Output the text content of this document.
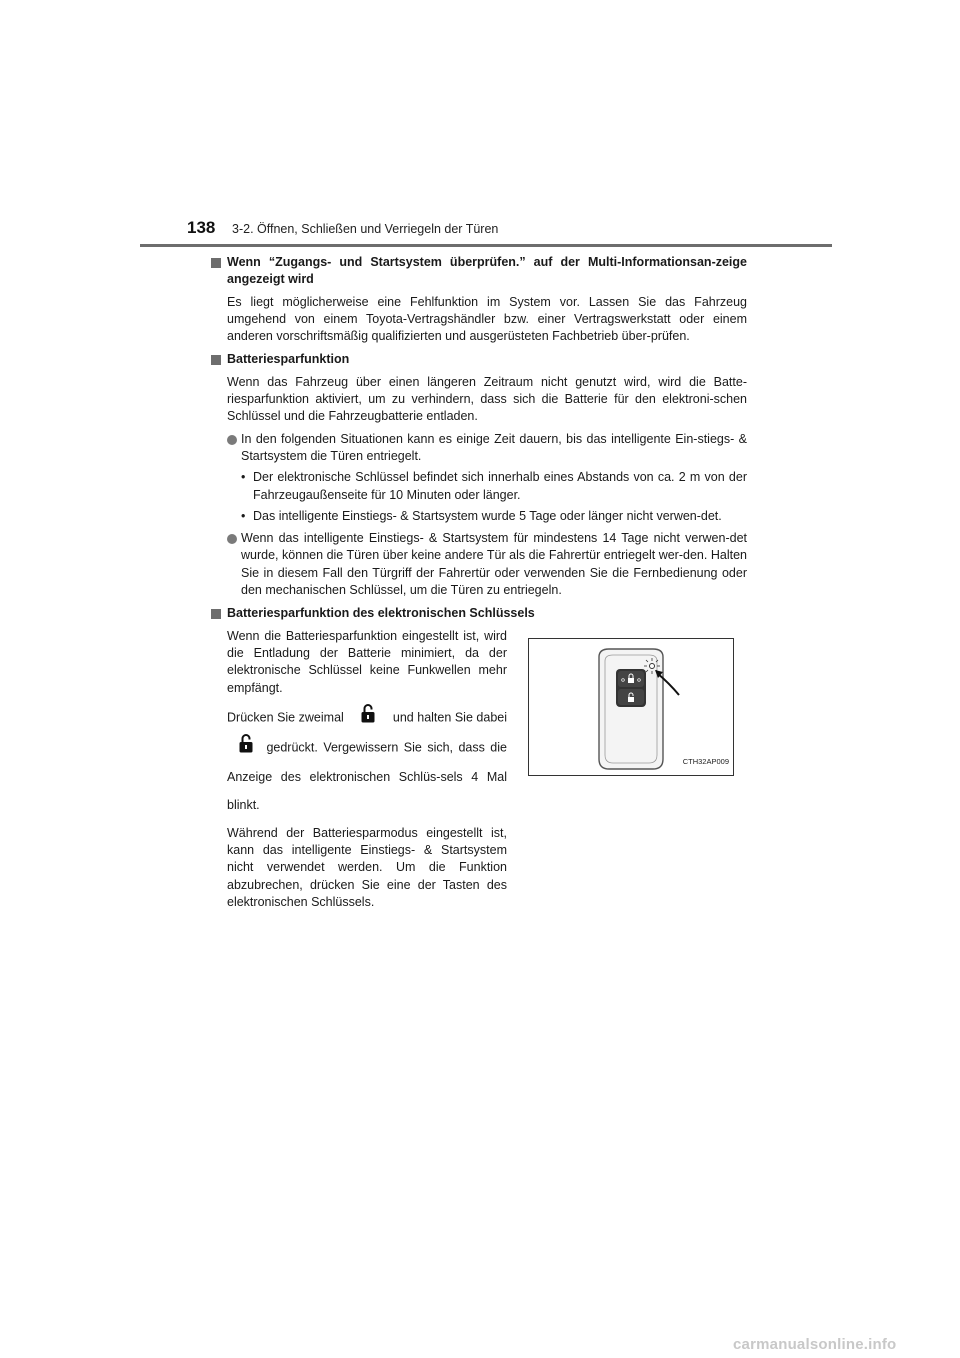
138 3-2. Öffnen, Schließen und Verriegeln der Türen
Wenn “Zugangs- und Startsystem überprüfen.” auf der Multi-Informationsan-zeige angezeigt wird
Es liegt möglicherweise eine Fehlfunktion im System vor. Lassen Sie das Fahrzeug umgehend von einem Toyota-Vertragshändler bzw. einer Vertragswerkstatt oder einem anderen vorschriftsmäßig qualifizierten und ausgerüsteten Fachbetrieb über-prüfen.
Batteriesparfunktion
Wenn das Fahrzeug über einen längeren Zeitraum nicht genutzt wird, wird die Batte-riesparfunktion aktiviert, um zu verhindern, dass sich die Batterie für den elektroni-schen Schlüssel und die Fahrzeugbatterie entladen.
In den folgenden Situationen kann es einige Zeit dauern, bis das intelligente Ein-stiegs- & Startsystem die Türen entriegelt.
• Der elektronische Schlüssel befindet sich innerhalb eines Abstands von ca. 2 m von der Fahrzeugaußenseite für 10 Minuten oder länger.
• Das intelligente Einstiegs- & Startsystem wurde 5 Tage oder länger nicht verwen-det.
Wenn das intelligente Einstiegs- & Startsystem für mindestens 14 Tage nicht verwen-det wurde, können die Türen über keine andere Tür als die Fahrertür entriegelt wer-den. Halten Sie in diesem Fall den Türgriff der Fahrertür oder verwenden Sie die Fernbedienung oder den mechanischen Schlüssel, um die Türen zu entriegeln.
Batteriesparfunktion des elektronischen Schlüssels

Wenn die Batteriesparfunktion eingestellt ist, wird die Entladung der Batterie minimiert, da der elektronische Schlüssel keine Funkwellen mehr empfängt.

Drücken Sie zweimal	und halten Sie dabei  gedrückt. Vergewissern Sie sich, dass die Anzeige des elektronischen Schlüs-sels 4 Mal blinkt.

Während der Batteriesparmodus eingestellt ist, kann das intelligente Einstiegs- & Startsystem nicht verwendet werden. Um die Funktion abzubrechen, drücken Sie eine der Tasten des elektronischen Schlüssels.

CTH32AP009
carmanualsonline.info
